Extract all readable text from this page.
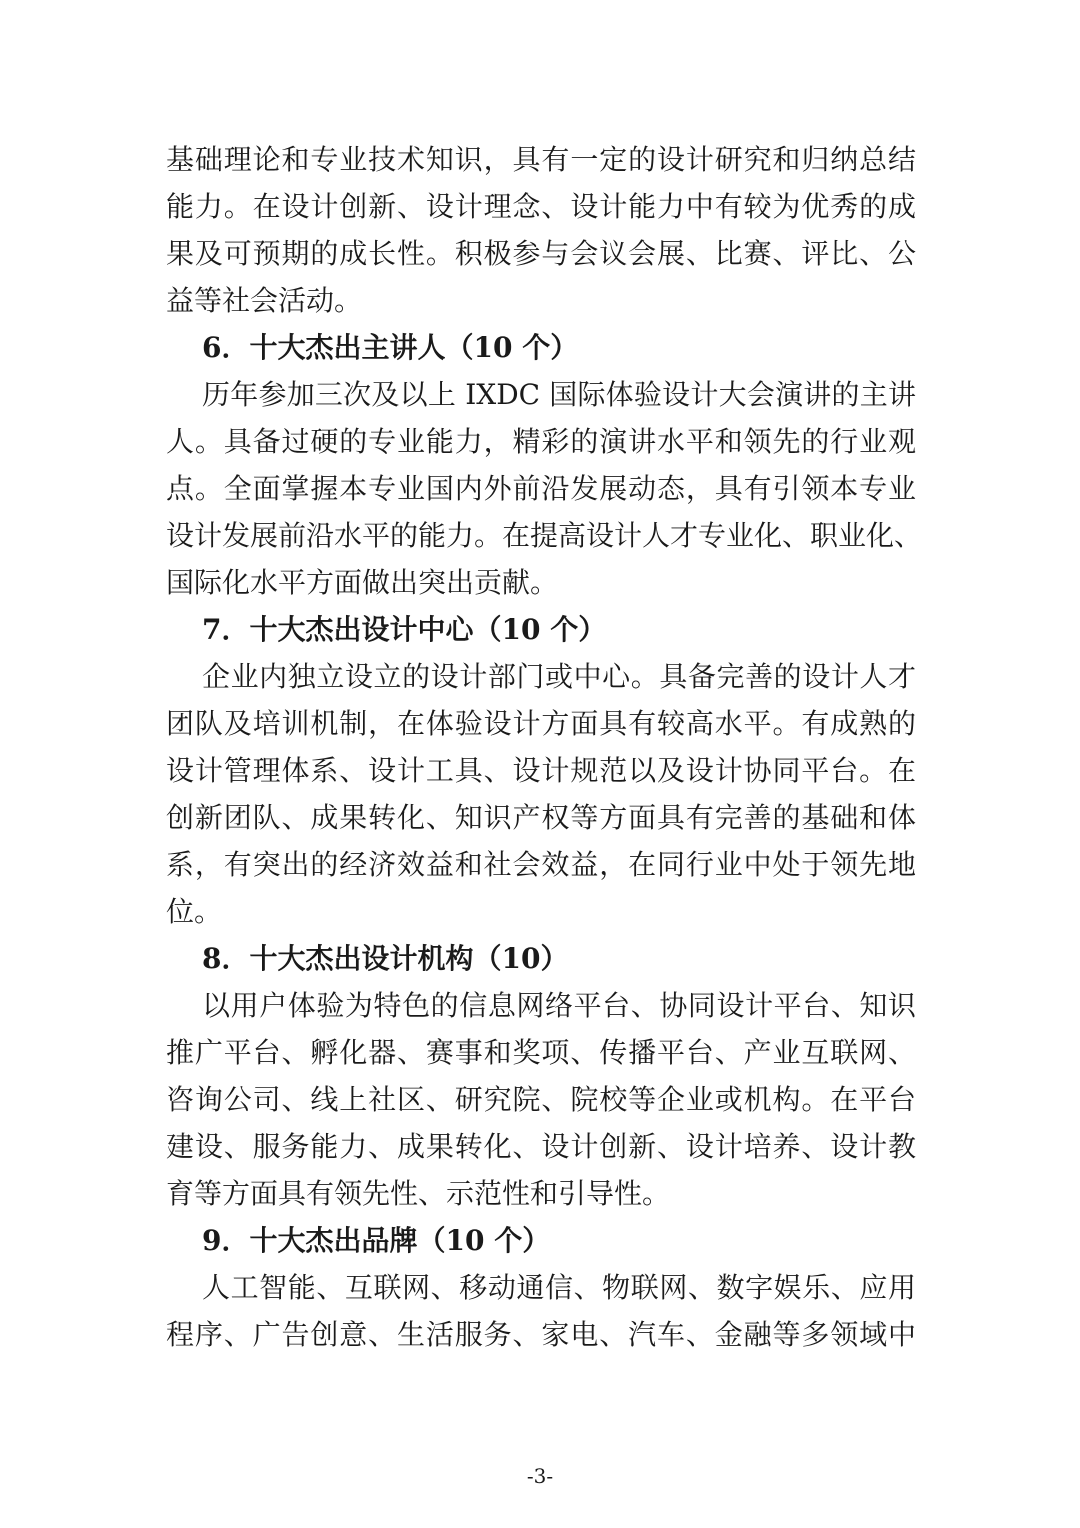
基础理论和专业技术知识，具有一定的设计研究和归纳总结
能力。在设计创新、设计理念、设计能力中有较为优秀的成
果及可预期的成长性。积极参与会议会展、比赛、评比、公
益等社会活动。
6．十大杰出主讲人（10 个）
历年参加三次及以上 IXDC 国际体验设计大会演讲的主讲
人。具备过硬的专业能力，精彩的演讲水平和领先的行业观
点。全面掌握本专业国内外前沿发展动态，具有引领本专业
设计发展前沿水平的能力。在提高设计人才专业化、职业化、
国际化水平方面做出突出贡献。
7．十大杰出设计中心（10 个）
企业内独立设立的设计部门或中心。具备完善的设计人才
团队及培训机制，在体验设计方面具有较高水平。有成熟的
设计管理体系、设计工具、设计规范以及设计协同平台。在
创新团队、成果转化、知识产权等方面具有完善的基础和体
系，有突出的经济效益和社会效益，在同行业中处于领先地
位。
8．十大杰出设计机构（10）
以用户体验为特色的信息网络平台、协同设计平台、知识
推广平台、孵化器、赛事和奖项、传播平台、产业互联网、
咨询公司、线上社区、研究院、院校等企业或机构。在平台
建设、服务能力、成果转化、设计创新、设计培养、设计教
育等方面具有领先性、示范性和引导性。
9．十大杰出品牌（10 个）
人工智能、互联网、移动通信、物联网、数字娱乐、应用
程序、广告创意、生活服务、家电、汽车、金融等多领域中
-3-
